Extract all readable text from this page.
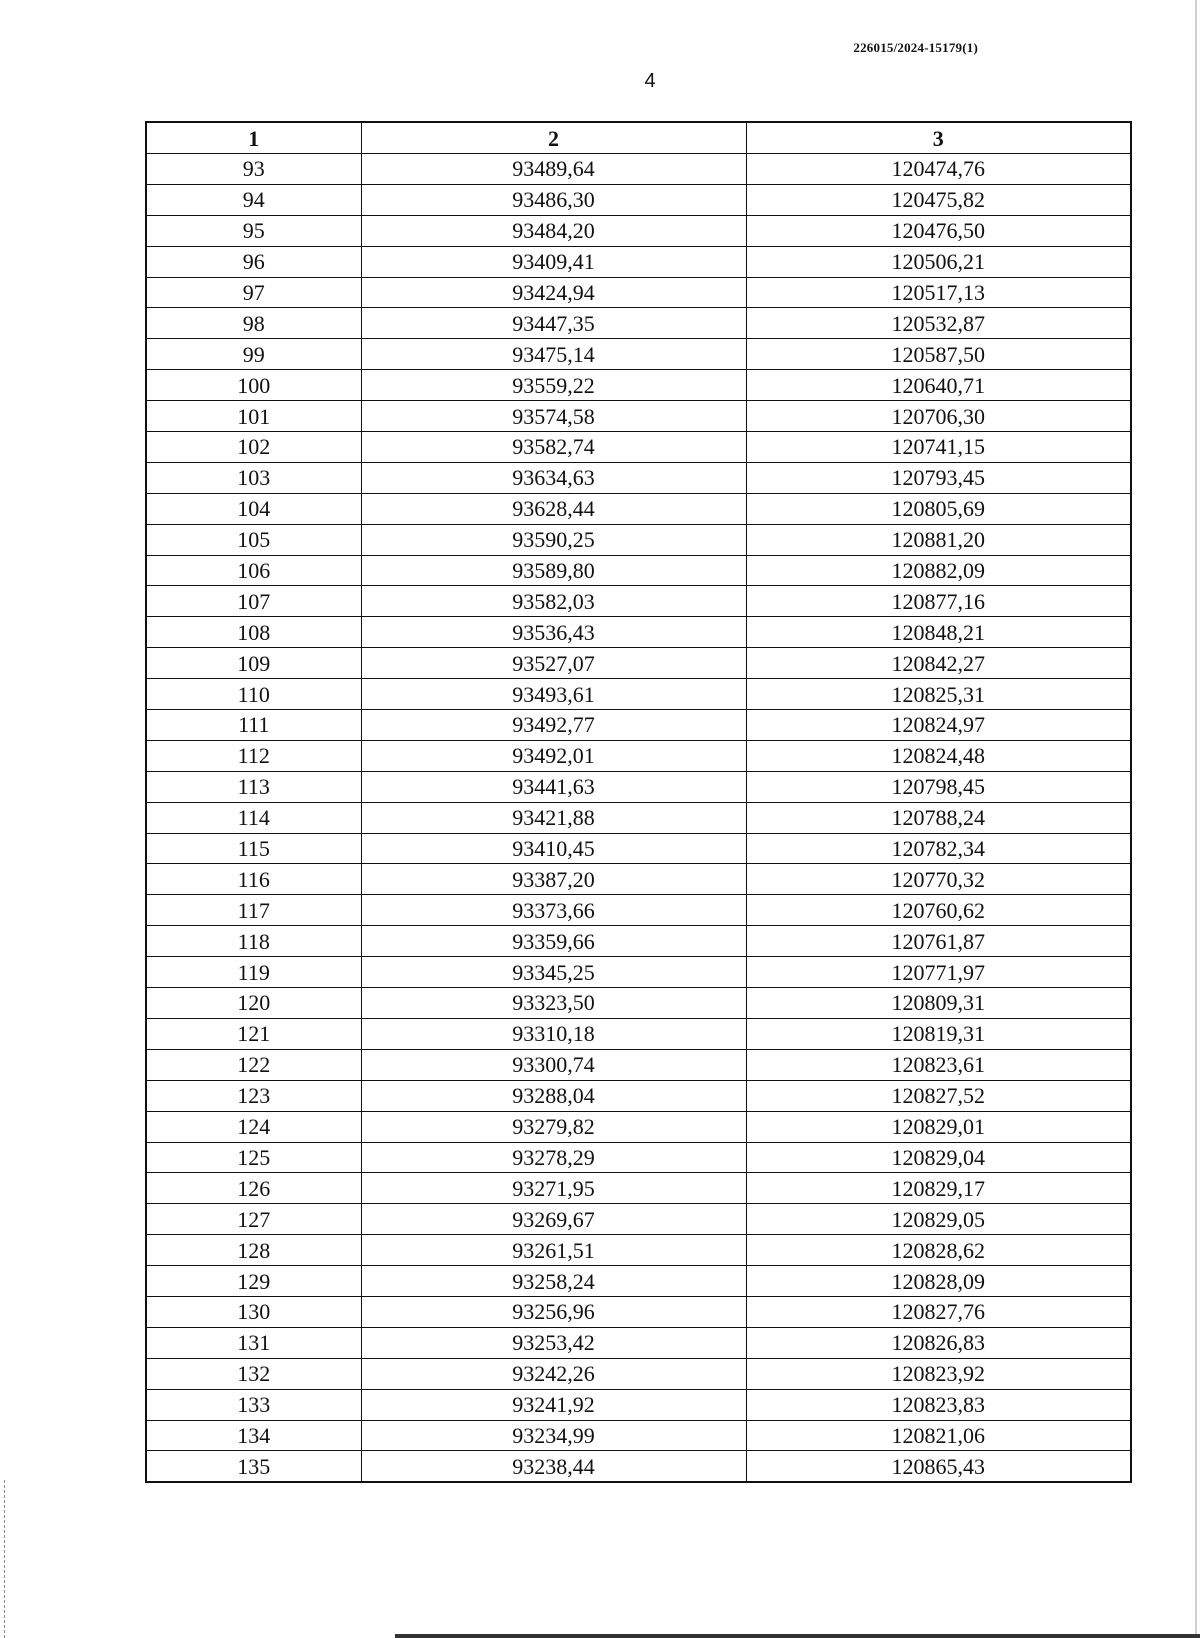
226015/2024-15179(1)
4
1	2	3
93	93489,64	120474,76
94	93486,30	120475,82
95	93484,20	120476,50
96	93409,41	120506,21
97	93424,94	120517,13
98	93447,35	120532,87
99	93475,14	120587,50
100	93559,22	120640,71
101	93574,58	120706,30
102	93582,74	120741,15
103	93634,63	120793,45
104	93628,44	120805,69
105	93590,25	120881,20
106	93589,80	120882,09
107	93582,03	120877,16
108	93536,43	120848,21
109	93527,07	120842,27
110	93493,61	120825,31
111	93492,77	120824,97
112	93492,01	120824,48
113	93441,63	120798,45
114	93421,88	120788,24
115	93410,45	120782,34
116	93387,20	120770,32
117	93373,66	120760,62
118	93359,66	120761,87
119	93345,25	120771,97
120	93323,50	120809,31
121	93310,18	120819,31
122	93300,74	120823,61
123	93288,04	120827,52
124	93279,82	120829,01
125	93278,29	120829,04
126	93271,95	120829,17
127	93269,67	120829,05
128	93261,51	120828,62
129	93258,24	120828,09
130	93256,96	120827,76
131	93253,42	120826,83
132	93242,26	120823,92
133	93241,92	120823,83
134	93234,99	120821,06
135	93238,44	120865,43
